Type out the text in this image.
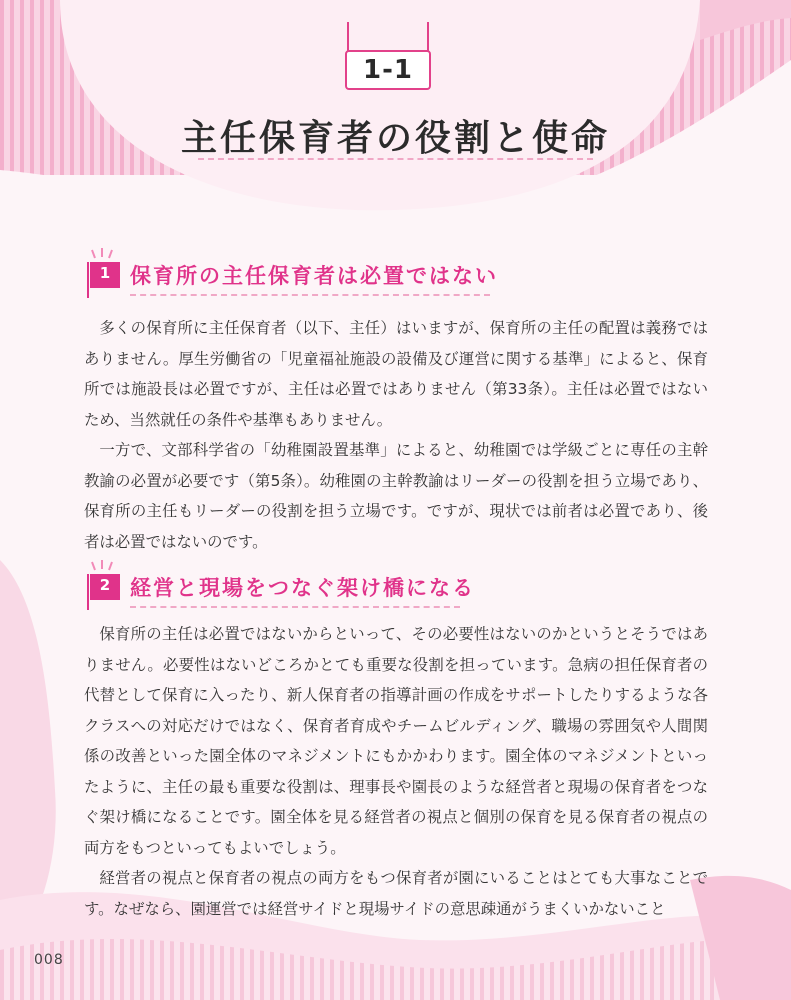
1-1
主任保育者の役割と使命
1 保育所の主任保育者は必置ではない

多くの保育所に主任保育者（以下、主任）はいますが、保育所の主任の配置は義務ではありません。厚生労働省の「児童福祉施設の設備及び運営に関する基準」によると、保育所では施設長は必置ですが、主任は必置ではありません（第33条）。主任は必置ではないため、当然就任の条件や基準もありません。

一方で、文部科学省の「幼稚園設置基準」によると、幼稚園では学級ごとに専任の主幹教諭の必置が必要です（第5条）。幼稚園の主幹教諭はリーダーの役割を担う立場であり、保育所の主任もリーダーの役割を担う立場です。ですが、現状では前者は必置であり、後者は必置ではないのです。

2 経営と現場をつなぐ架け橋になる

保育所の主任は必置ではないからといって、その必要性はないのかというとそうではありません。必要性はないどころかとても重要な役割を担っています。急病の担任保育者の代替として保育に入ったり、新人保育者の指導計画の作成をサポートしたりするような各クラスへの対応だけではなく、保育者育成やチームビルディング、職場の雰囲気や人間関係の改善といった園全体のマネジメントにもかかわります。園全体のマネジメントといったように、主任の最も重要な役割は、理事長や園長のような経営者と現場の保育者をつなぐ架け橋になることです。園全体を見る経営者の視点と個別の保育を見る保育者の視点の両方をもつといってもよいでしょう。

経営者の視点と保育者の視点の両方をもつ保育者が園にいることはとても大事なことです。なぜなら、園運営では経営サイドと現場サイドの意思疎通がうまくいかないこと

008
